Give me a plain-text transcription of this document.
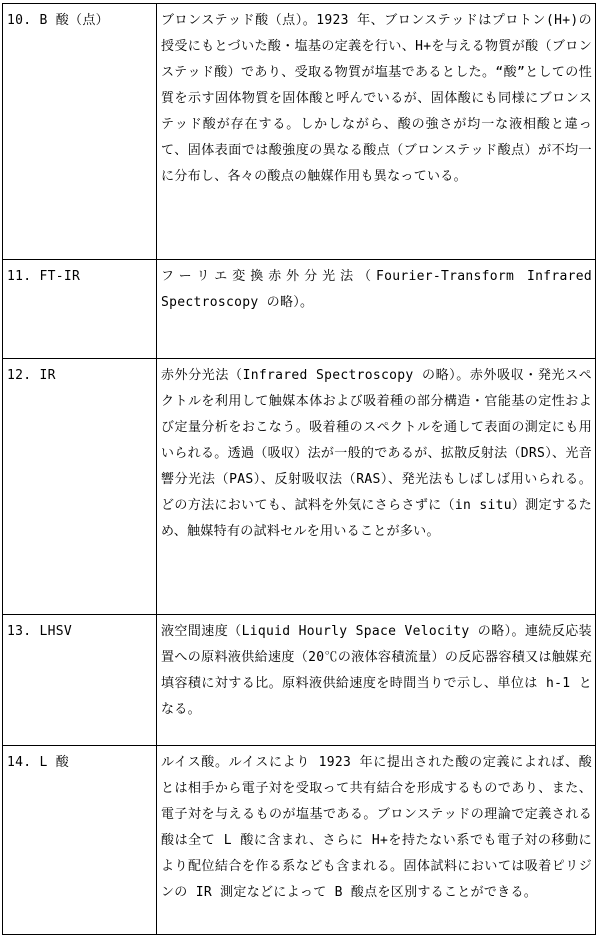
10. B 酸（点）	ブロンステッド酸（点）。1923 年、ブロンステッドはプロトン(H+)の授受にもとづいた酸・塩基の定義を行い、H+を与える物質が酸（ブロンステッド酸）であり、受取る物質が塩基であるとした。“酸”としての性質を示す固体物質を固体酸と呼んでいるが、固体酸にも同様にブロンステッド酸が存在する。しかしながら、酸の強さが均一な液相酸と違って、固体表面では酸強度の異なる酸点（ブロンステッド酸点）が不均一に分布し、各々の酸点の触媒作用も異なっている。
11. FT-IR	フーリエ変換赤外分光法（Fourier-Transform Infrared Spectroscopy の略）。
12. IR	赤外分光法（Infrared Spectroscopy の略）。赤外吸収・発光スペクトルを利用して触媒本体および吸着種の部分構造・官能基の定性および定量分析をおこなう。吸着種のスペクトルを通して表面の測定にも用いられる。透過（吸収）法が一般的であるが、拡散反射法（DRS）、光音響分光法（PAS）、反射吸収法（RAS）、発光法もしばしば用いられる。どの方法においても、試料を外気にさらさずに（in situ）測定するため、触媒特有の試料セルを用いることが多い。
13. LHSV	液空間速度（Liquid Hourly Space Velocity の略）。連続反応装置への原料液供給速度（20℃の液体容積流量）の反応器容積又は触媒充填容積に対する比。原料液供給速度を時間当りで示し、単位は h-1 となる。
14. L 酸	ルイス酸。ルイスにより 1923 年に提出された酸の定義によれば、酸とは相手から電子対を受取って共有結合を形成するものであり、また、電子対を与えるものが塩基である。ブロンステッドの理論で定義される酸は全て L 酸に含まれ、さらに H+を持たない系でも電子対の移動により配位結合を作る系なども含まれる。固体試料においては吸着ピリジンの IR 測定などによって B 酸点を区別することができる。
